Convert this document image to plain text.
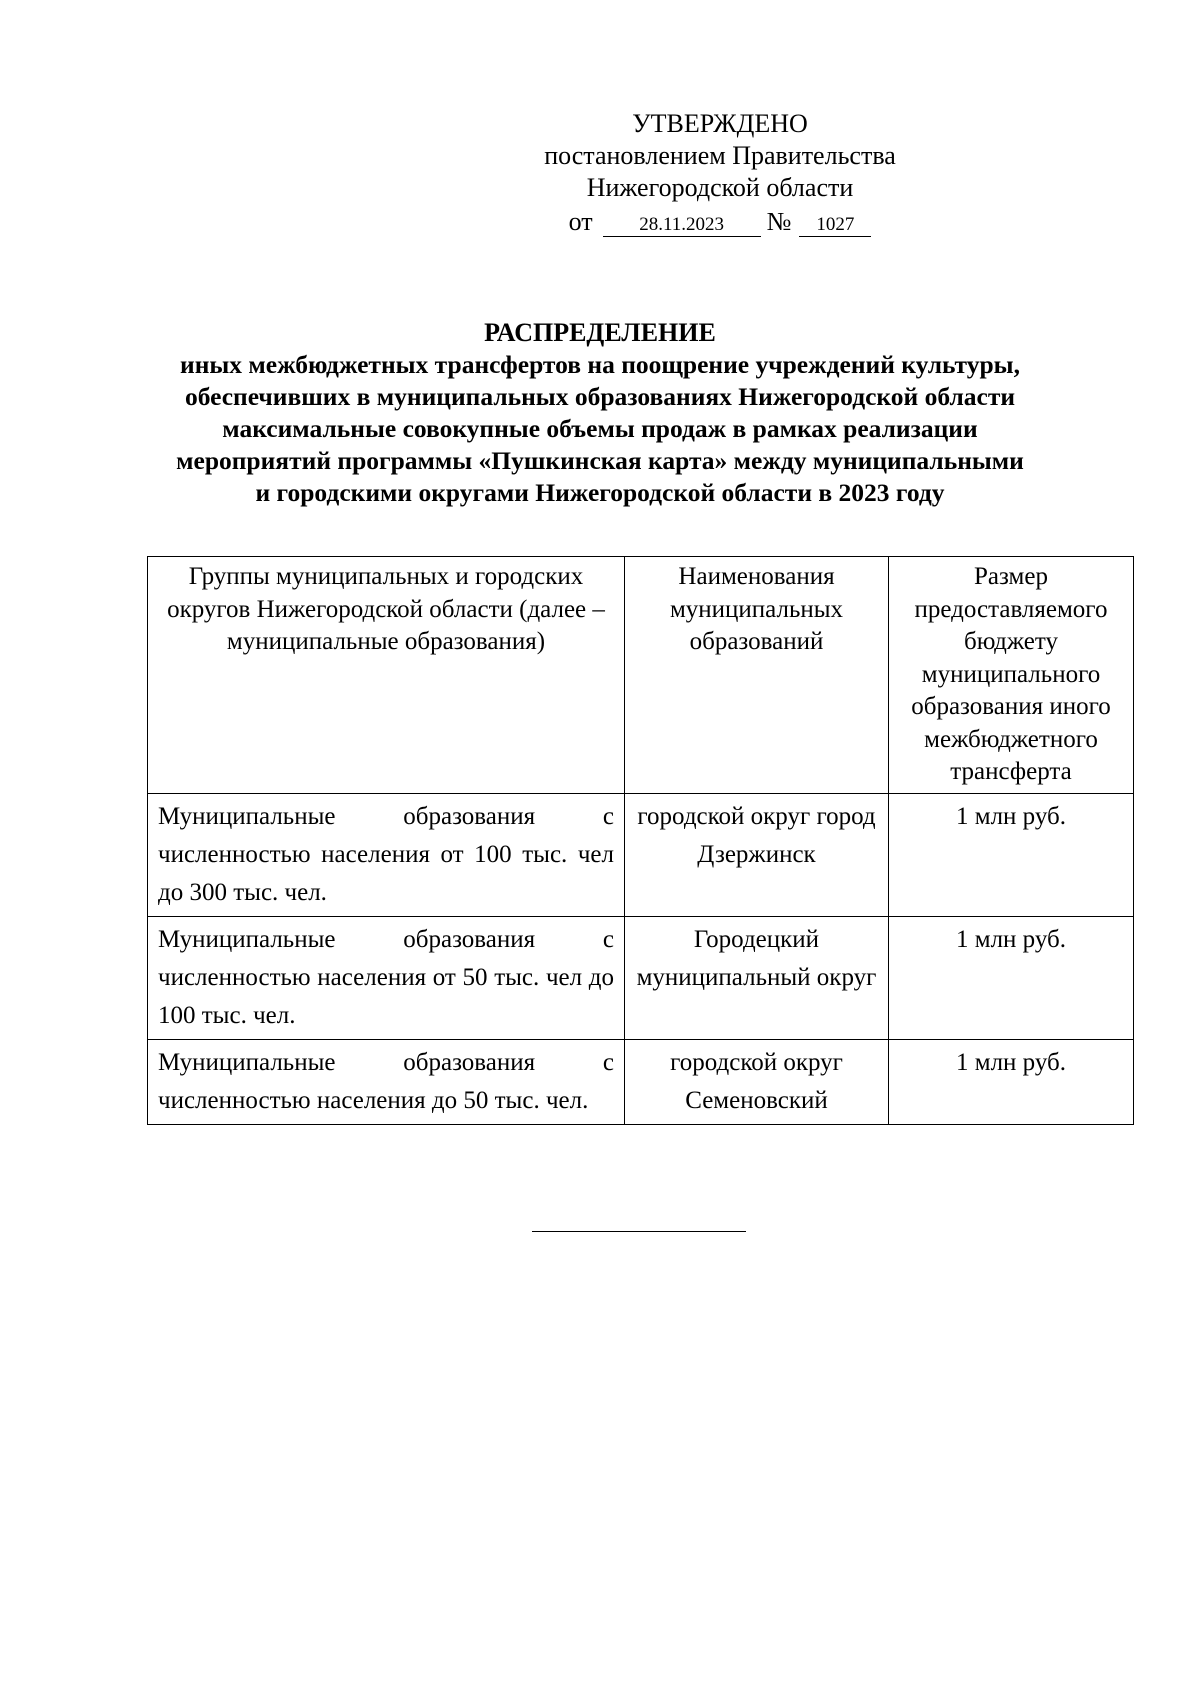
УТВЕРЖДЕНО
постановлением Правительства
Нижегородской области
от 28.11.2023 № 1027
РАСПРЕДЕЛЕНИЕ
иных межбюджетных трансфертов на поощрение учреждений культуры,
обеспечивших в муниципальных образованиях Нижегородской области
максимальные совокупные объемы продаж в рамках реализации
мероприятий программы «Пушкинская карта» между муниципальными
и городскими округами Нижегородской области в 2023 году
Группы муниципальных и городских округов Нижегородской области (далее – муниципальные образования)	Наименования муниципальных образований	Размер предоставляемого бюджету муниципального образования иного межбюджетного трансферта
Муниципальные образования с численностью населения от 100 тыс. чел до 300 тыс. чел.	городской округ город Дзержинск	1 млн руб.
Муниципальные образования с численностью населения от 50 тыс. чел до 100 тыс. чел.	Городецкий муниципальный округ	1 млн руб.
Муниципальные образования с численностью населения до 50 тыс. чел.	городской округ Семеновский	1 млн руб.
